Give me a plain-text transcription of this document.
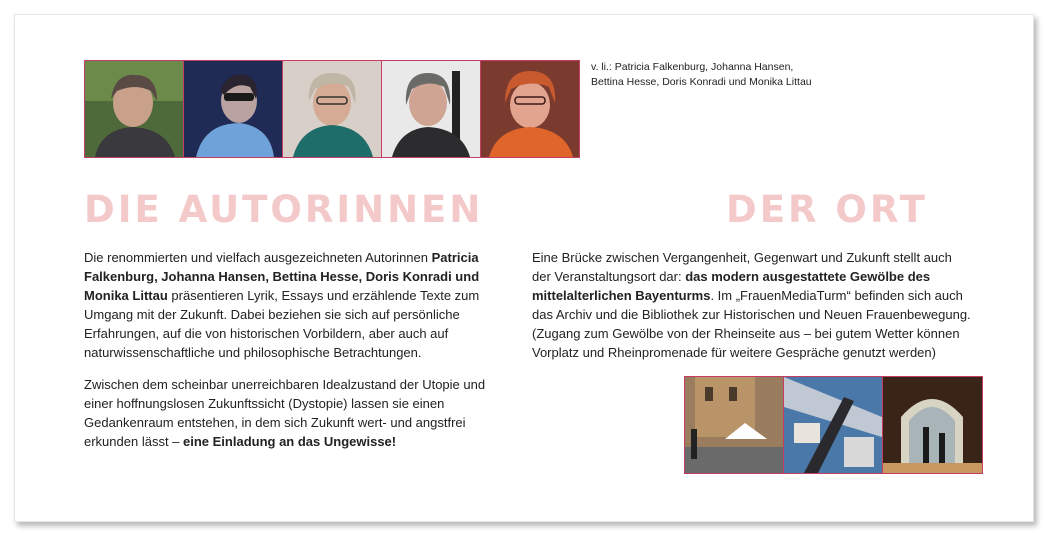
v. li.: Patricia Falkenburg, Johanna Hansen,
Bettina Hesse, Doris Konradi und Monika Littau
DIE AUTORINNEN	DER ORT

Die renommierten und vielfach ausgezeichneten Autorinnen Patricia Falkenburg, Johanna Hansen, Bettina Hesse, Doris Konradi und Monika Littau präsentieren Lyrik, Essays und erzählende Texte zum Umgang mit der Zukunft. Dabei beziehen sie sich auf persönliche Erfahrungen, auf die von historischen Vorbildern, aber auch auf naturwissenschaftliche und philosophische Betrachtungen.

Zwischen dem scheinbar unerreichbaren Idealzustand der Utopie und einer hoffnungslosen Zukunftssicht (Dystopie) lassen sie einen Gedankenraum entstehen, in dem sich Zukunft wert- und angstfrei erkunden lässt – eine Einladung an das Ungewisse!

Eine Brücke zwischen Vergangenheit, Gegenwart und Zukunft stellt auch der Veranstaltungsort dar: das modern ausgestattete Gewölbe des mittelalterlichen Bayenturms. Im „FrauenMediaTurm“ befinden sich auch das Archiv und die Bibliothek zur Historischen und Neuen Frauenbewegung. (Zugang zum Gewölbe von der Rheinseite aus – bei gutem Wetter können Vorplatz und Rheinpromenade für weitere Gespräche genutzt werden)
